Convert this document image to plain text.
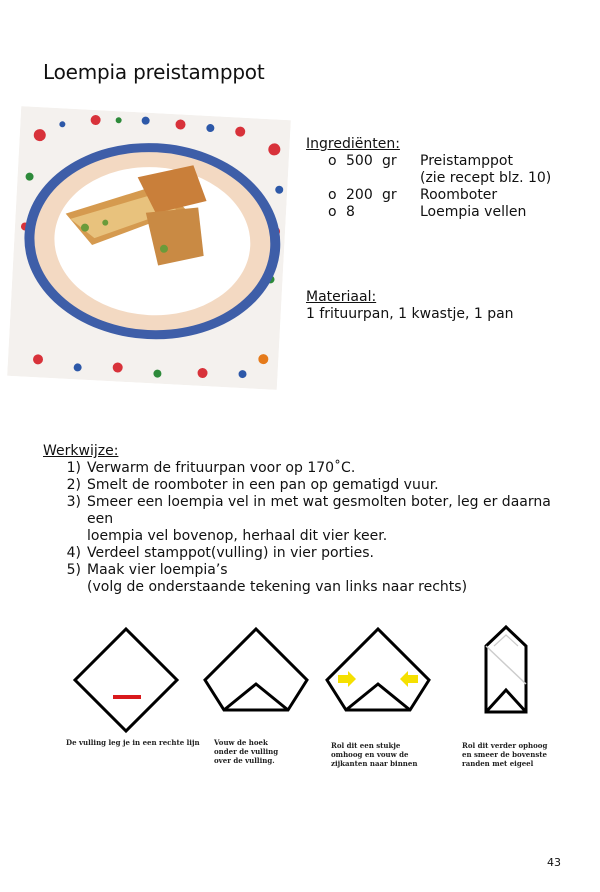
Loempia preistamppot
Ingrediënten:
o 500 gr	Preistamppot
(zie recept blz. 10)
o 200 gr	Roomboter
o 8	Loempia vellen
Materiaal:
1 frituurpan, 1 kwastje, 1 pan
Werkwijze:
1) Verwarm de frituurpan voor op 170˚C.
2) Smelt de roomboter in een pan op gematigd vuur.
3) Smeer een loempia vel in met wat gesmolten boter, leg er daarna een
loempia vel bovenop, herhaal dit vier keer.
4) Verdeel stamppot(vulling) in vier porties.
5) Maak vier loempia’s
(volg de onderstaande tekening van links naar rechts)
De vulling leg je in een rechte lijn Vouw de hoek
onder de vulling
over de vulling.
Rol dit een stukje
omhoog en vouw de
zijkanten naar binnen
Rol dit verder ophoog
en smeer de bovenste
randen met eigeel
43
